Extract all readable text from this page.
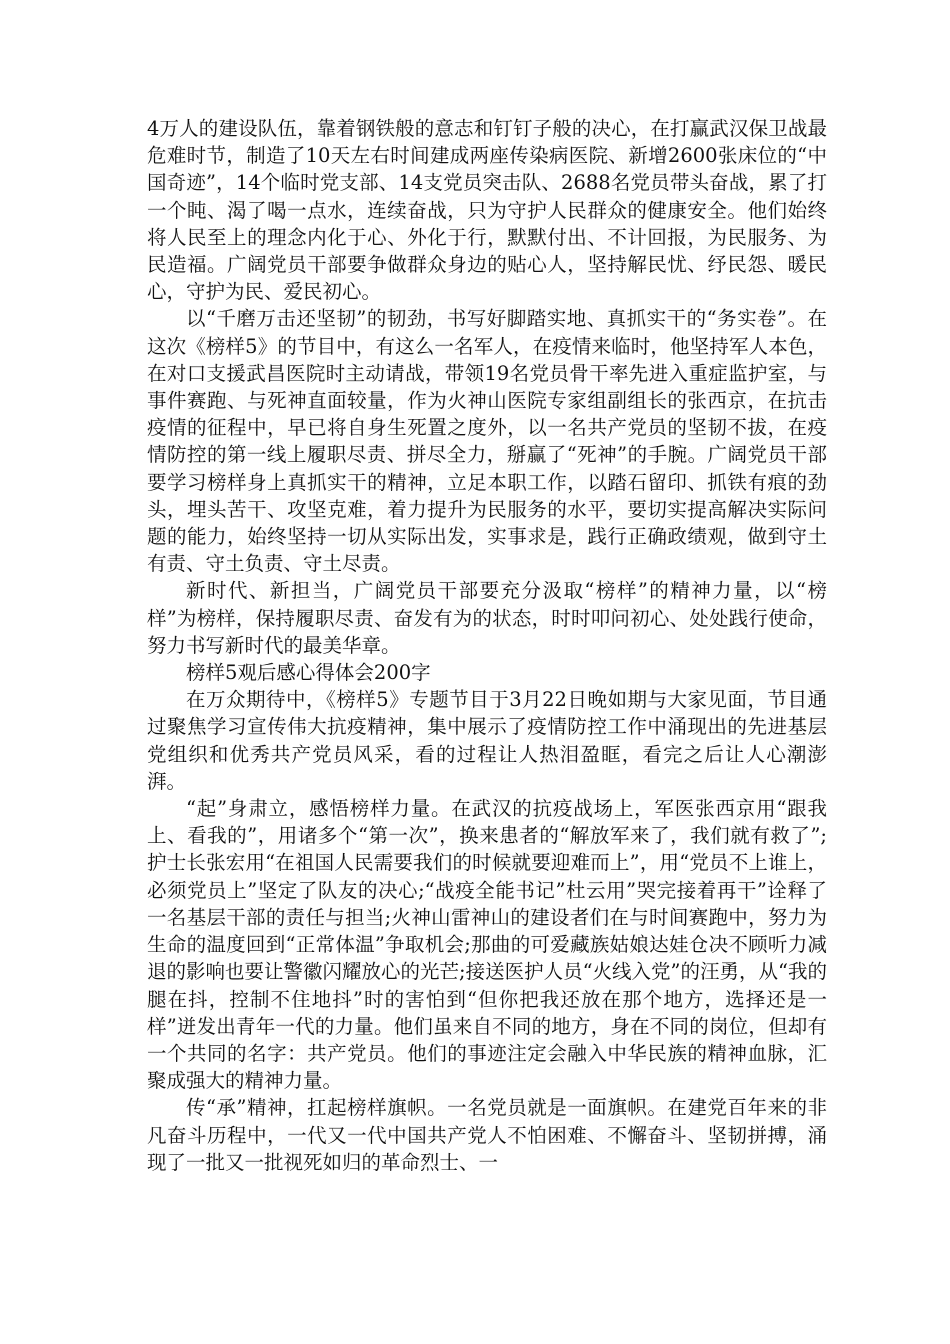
4万人的建设队伍，靠着钢铁般的意志和钉钉子般的决心，在打赢武汉保卫战最危难时节，制造了10天左右时间建成两座传染病医院、新增2600张床位的“中国奇迹”，14个临时党支部、14支党员突击队、2688名党员带头奋战，累了打一个盹、渴了喝一点水，连续奋战，只为守护人民群众的健康安全。他们始终将人民至上的理念内化于心、外化于行，默默付出、不计回报，为民服务、为民造福。广阔党员干部要争做群众身边的贴心人，坚持解民忧、纾民怨、暖民心，守护为民、爱民初心。

以“千磨万击还坚韧”的韧劲，书写好脚踏实地、真抓实干的“务实卷”。在这次《榜样5》的节目中，有这么一名军人，在疫情来临时，他坚持军人本色，在对口支援武昌医院时主动请战，带领19名党员骨干率先进入重症监护室，与事件赛跑、与死神直面较量，作为火神山医院专家组副组长的张西京，在抗击疫情的征程中，早已将自身生死置之度外，以一名共产党员的坚韧不拔，在疫情防控的第一线上履职尽责、拼尽全力，掰赢了“死神”的手腕。广阔党员干部要学习榜样身上真抓实干的精神，立足本职工作，以踏石留印、抓铁有痕的劲头，埋头苦干、攻坚克难，着力提升为民服务的水平，要切实提高解决实际问题的能力，始终坚持一切从实际出发，实事求是，践行正确政绩观，做到守土有责、守土负责、守土尽责。

新时代、新担当，广阔党员干部要充分汲取“榜样”的精神力量，以“榜样”为榜样，保持履职尽责、奋发有为的状态，时时叩问初心、处处践行使命，努力书写新时代的最美华章。

榜样5观后感心得体会200字

在万众期待中，《榜样5》专题节目于3月22日晚如期与大家见面，节目通过聚焦学习宣传伟大抗疫精神，集中展示了疫情防控工作中涌现出的先进基层党组织和优秀共产党员风采，看的过程让人热泪盈眶，看完之后让人心潮澎湃。

“起”身肃立，感悟榜样力量。在武汉的抗疫战场上，军医张西京用“跟我上、看我的”，用诸多个“第一次”，换来患者的“解放军来了，我们就有救了”;护士长张宏用“在祖国人民需要我们的时候就要迎难而上”，用“党员不上谁上，必须党员上”坚定了队友的决心;“战疫全能书记”杜云用”哭完接着再干”诠释了一名基层干部的责任与担当;火神山雷神山的建设者们在与时间赛跑中，努力为生命的温度回到“正常体温”争取机会;那曲的可爱藏族姑娘达娃仓决不顾听力减退的影响也要让警徽闪耀放心的光芒;接送医护人员“火线入党”的汪勇，从“我的腿在抖，控制不住地抖”时的害怕到“但你把我还放在那个地方，选择还是一样”迸发出青年一代的力量。他们虽来自不同的地方，身在不同的岗位，但却有一个共同的名字：共产党员。他们的事迹注定会融入中华民族的精神血脉，汇聚成强大的精神力量。

传“承”精神，扛起榜样旗帜。一名党员就是一面旗帜。在建党百年来的非凡奋斗历程中，一代又一代中国共产党人不怕困难、不懈奋斗、坚韧拼搏，涌现了一批又一批视死如归的革命烈士、一
